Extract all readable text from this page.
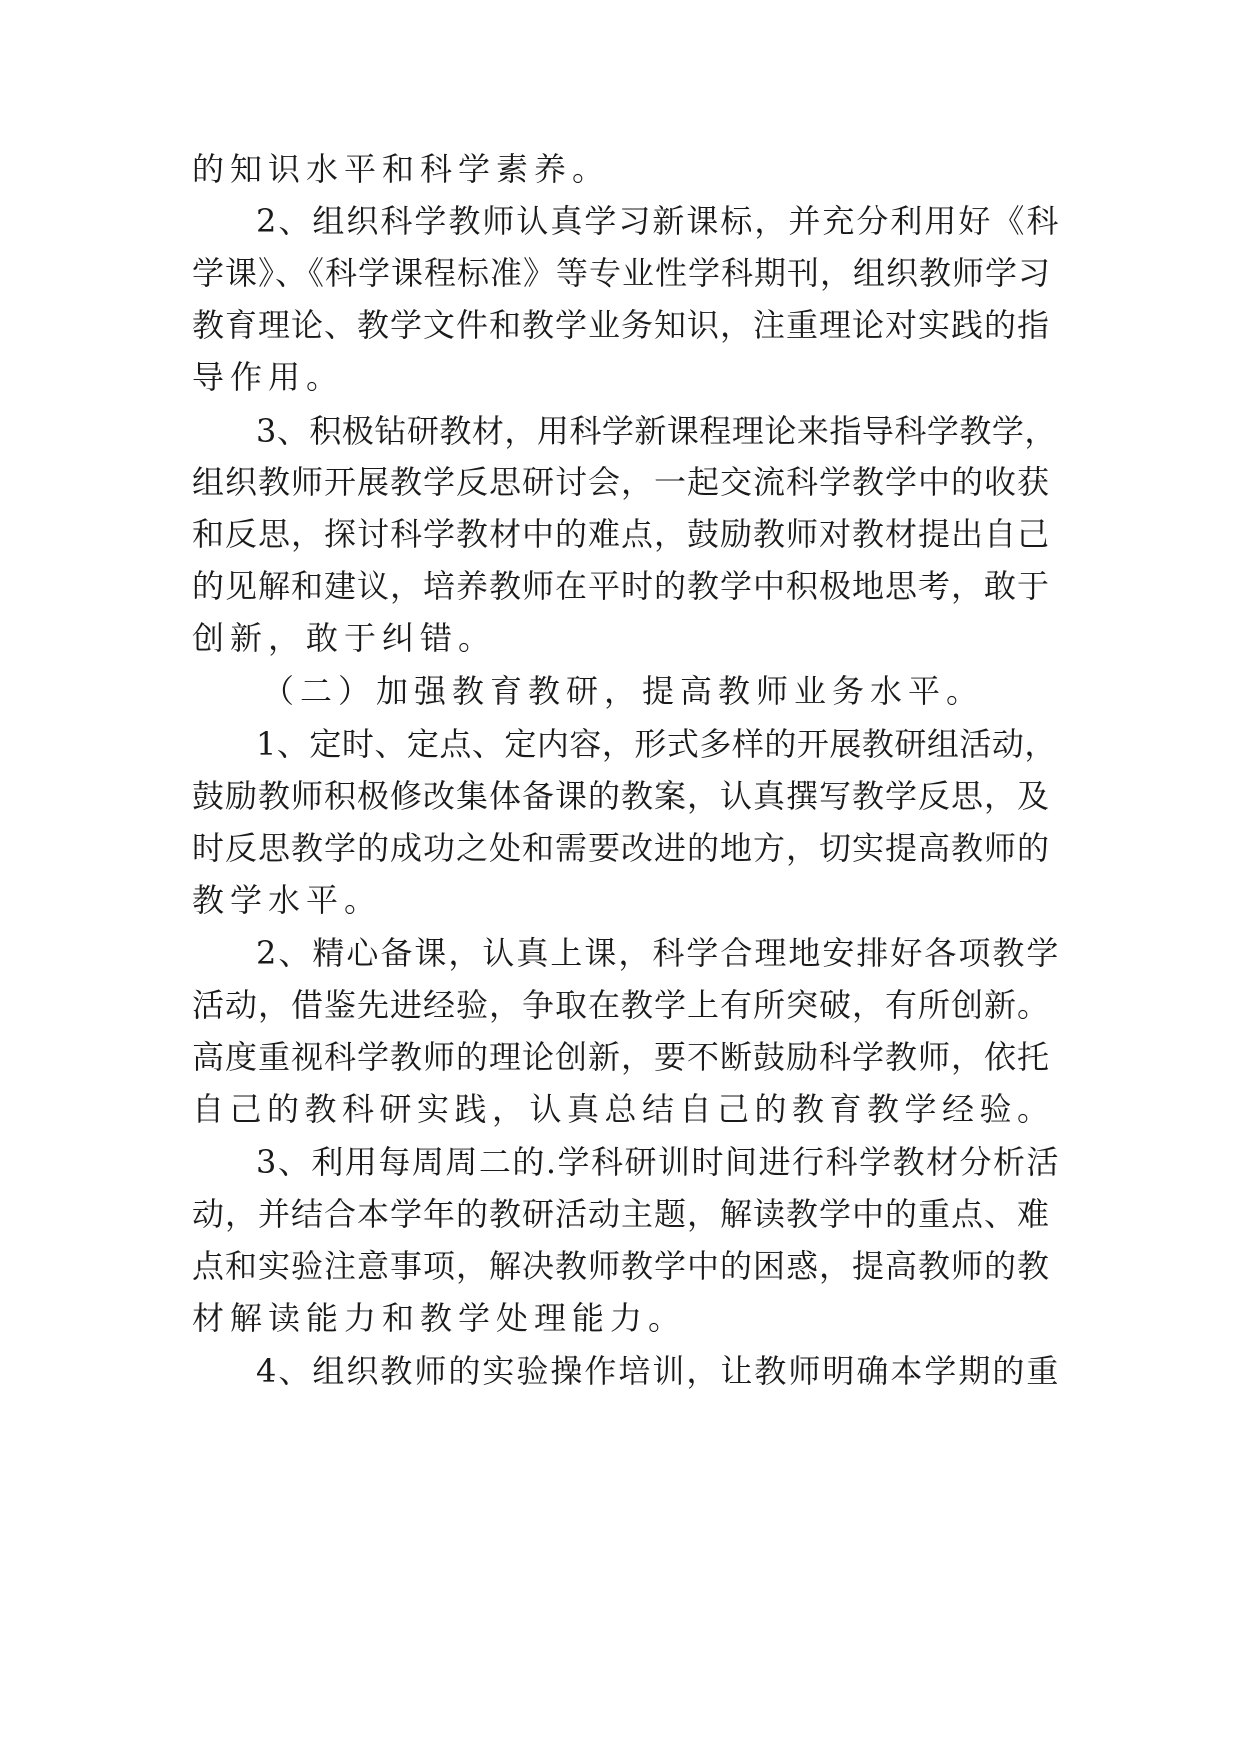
的知识水平和科学素养。
2、组织科学教师认真学习新课标，并充分利用好《科
学课》、《科学课程标准》等专业性学科期刊，组织教师学习
教育理论、教学文件和教学业务知识，注重理论对实践的指
导作用。
3、积极钻研教材，用科学新课程理论来指导科学教学，
组织教师开展教学反思研讨会，一起交流科学教学中的收获
和反思，探讨科学教材中的难点，鼓励教师对教材提出自己
的见解和建议，培养教师在平时的教学中积极地思考，敢于
创新，敢于纠错。
（二）加强教育教研，提高教师业务水平。
1、定时、定点、定内容，形式多样的开展教研组活动，
鼓励教师积极修改集体备课的教案，认真撰写教学反思，及
时反思教学的成功之处和需要改进的地方，切实提高教师的
教学水平。
2、精心备课，认真上课，科学合理地安排好各项教学
活动，借鉴先进经验，争取在教学上有所突破，有所创新。
高度重视科学教师的理论创新，要不断鼓励科学教师，依托
自己的教科研实践，认真总结自己的教育教学经验。
3、利用每周周二的.学科研训时间进行科学教材分析活
动，并结合本学年的教研活动主题，解读教学中的重点、难
点和实验注意事项，解决教师教学中的困惑，提高教师的教
材解读能力和教学处理能力。
4、组织教师的实验操作培训，让教师明确本学期的重
